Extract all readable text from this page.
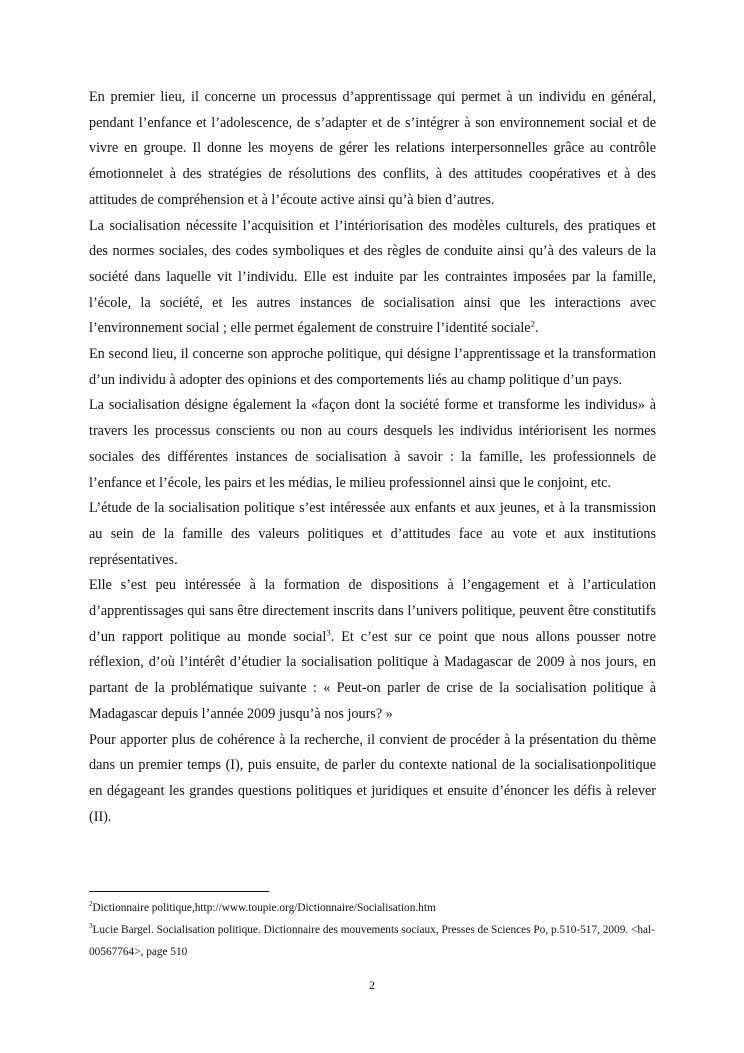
En premier lieu, il concerne un processus d’apprentissage qui permet à un individu en général, pendant l’enfance et l’adolescence, de s’adapter et de s’intégrer à son environnement social et de vivre en groupe. Il donne les moyens de gérer les relations interpersonnelles grâce au contrôle émotionnelet à des stratégies de résolutions des conflits, à des attitudes coopératives et à des attitudes de compréhension et à l’écoute active ainsi qu’à bien d’autres.

La socialisation nécessite l’acquisition et l’intériorisation des modèles culturels, des pratiques et des normes sociales, des codes symboliques et des règles de conduite ainsi qu’à des valeurs de la société dans laquelle vit l’individu. Elle est induite par les contraintes imposées par la famille, l’école, la société, et les autres instances de socialisation ainsi que les interactions avec l’environnement social ; elle permet également de construire l’identité sociale$^2$.

En second lieu, il concerne son approche politique, qui désigne l’apprentissage et la transformation d’un individu à adopter des opinions et des comportements liés au champ politique d’un pays.

La socialisation désigne également la «façon dont la société forme et transforme les individus» à travers les processus conscients ou non au cours desquels les individus intériorisent les normes sociales des différentes instances de socialisation à savoir : la famille, les professionnels de l’enfance et l’école, les pairs et les médias, le milieu professionnel ainsi que le conjoint, etc.

L’étude de la socialisation politique s’est intéressée aux enfants et aux jeunes, et à la transmission au sein de la famille des valeurs politiques et d’attitudes face au vote et aux institutions représentatives.

Elle s’est peu intéressée à la formation de dispositions à l’engagement et à l’articulation d’apprentissages qui sans être directement inscrits dans l’univers politique, peuvent être constitutifs d’un rapport politique au monde social$^3$. Et c’est sur ce point que nous allons pousser notre réflexion, d’où l’intérêt d’étudier la socialisation politique à Madagascar de 2009 à nos jours, en partant de la problématique suivante : « Peut-on parler de crise de la socialisation politique à Madagascar depuis l’année 2009 jusqu’à nos jours? »

Pour apporter plus de cohérence à la recherche, il convient de procéder à la présentation du thème dans un premier temps (I), puis ensuite, de parler du contexte national de la socialisationpolitique en dégageant les grandes questions politiques et juridiques et ensuite d’énoncer les défis à relever (II).

$^2$Dictionnaire politique,http://www.toupie.org/Dictionnaire/Socialisation.htm

$^3$Lucie Bargel. Socialisation politique. Dictionnaire des mouvements sociaux, Presses de Sciences Po, p.510-517, 2009. <hal-00567764>, page 510

2
